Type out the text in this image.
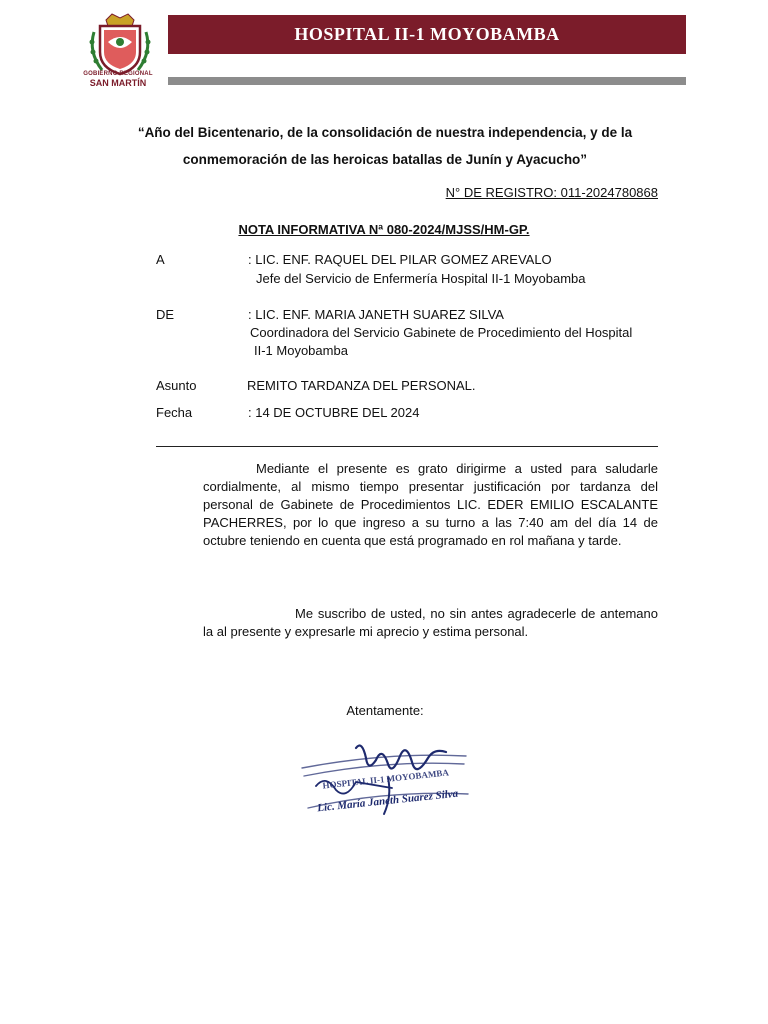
GOBIERNO REGIONAL
SAN MARTÍN
HOSPITAL II-1 MOYOBAMBA
“Año del Bicentenario, de la consolidación de nuestra independencia, y de la
conmemoración de las heroicas batallas de Junín y Ayacucho”
N° DE REGISTRO: 011-2024780868
NOTA INFORMATIVA Nª 080-2024/MJSS/HM-GP.
A	: LIC. ENF. RAQUEL DEL PILAR GOMEZ AREVALO
Jefe del Servicio de Enfermería Hospital II-1 Moyobamba
DE	: LIC. ENF. MARIA JANETH SUAREZ SILVA
Coordinadora del Servicio Gabinete de Procedimiento del Hospital
II-1 Moyobamba
Asunto	REMITO TARDANZA DEL PERSONAL.
Fecha	: 14 DE OCTUBRE DEL 2024
Mediante el presente es grato dirigirme a usted para saludarle cordialmente, al mismo tiempo presentar justificación por tardanza del personal de Gabinete de Procedimientos LIC. EDER EMILIO ESCALANTE PACHERRES, por lo que ingreso a su turno a las 7:40 am del día 14 de octubre teniendo en cuenta que está programado en rol mañana y tarde.
Me suscribo de usted, no sin antes agradecerle de antemano la al presente y expresarle mi aprecio y estima personal.
Atentamente:
HOSPITAL II-1 MOYOBAMBA
Lic. María Janeth Suarez Silva
